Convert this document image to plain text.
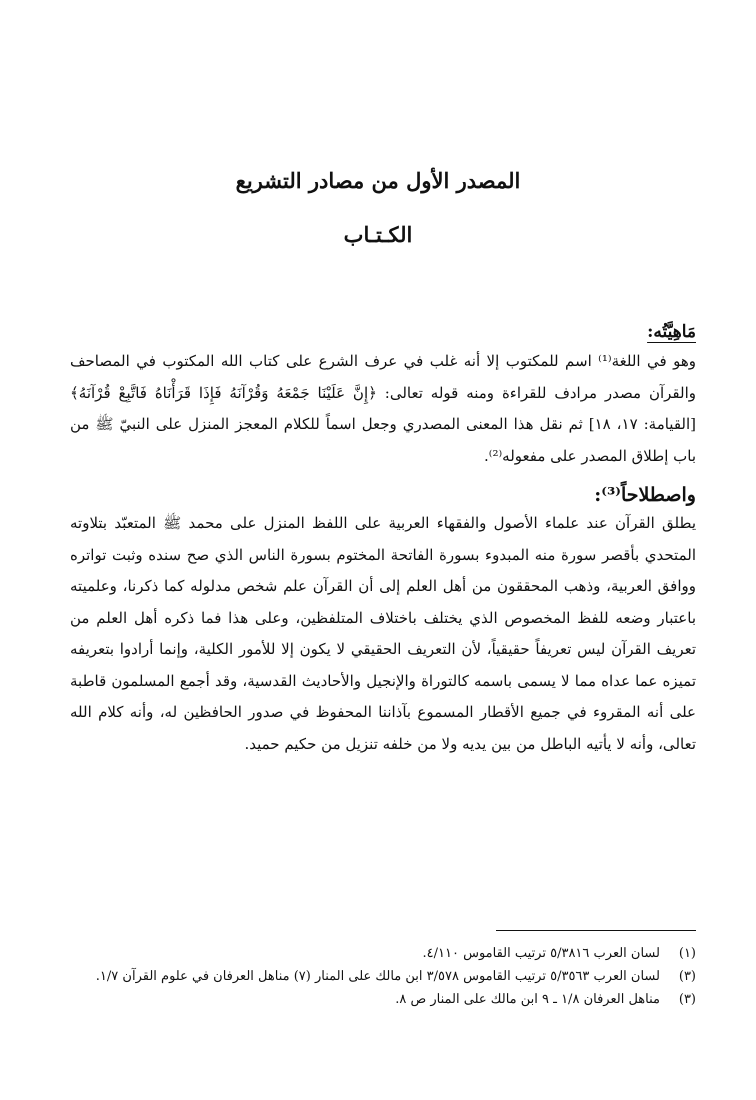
المصدر الأول من مصادر التشريع
الكـتـاب
مَاهِيَّتُه:

وهو في اللغة⁽¹⁾ اسم للمكتوب إلا أنه غلب في عرف الشرع على كتاب الله المكتوب في المصاحف والقرآن مصدر مرادف للقراءة ومنه قوله تعالى: ﴿إِنَّ عَلَيْنَا جَمْعَهُ وَقُرْآنَهُ فَإِذَا قَرَأْنَاهُ فَاتَّبِعْ قُرْآنَهُ﴾[القيامة: ١٧، ١٨] ثم نقل هذا المعنى المصدري وجعل اسماً للكلام المعجز المنزل على النبيّ ﷺ من باب إطلاق المصدر على مفعوله⁽²⁾.

واصطلاحاً⁽³⁾:

يطلق القرآن عند علماء الأصول والفقهاء العربية على اللفظ المنزل على محمد ﷺ المتعبّد بتلاوته المتحدي بأقصر سورة منه المبدوء بسورة الفاتحة المختوم بسورة الناس الذي صح سنده وثبت تواتره ووافق العربية، وذهب المحققون من أهل العلم إلى أن القرآن علم شخص مدلوله كما ذكرنا، وعلميته باعتبار وضعه للفظ المخصوص الذي يختلف باختلاف المتلفظين، وعلى هذا فما ذكره أهل العلم من تعريف القرآن ليس تعريفاً حقيقياً، لأن التعريف الحقيقي لا يكون إلا للأمور الكلية، وإنما أرادوا بتعريفه تميزه عما عداه مما لا يسمى باسمه كالتوراة والإنجيل والأحاديث القدسية، وقد أجمع المسلمون قاطبة على أنه المقروء في جميع الأقطار المسموع بآذاننا المحفوظ في صدور الحافظين له، وأنه كلام الله تعالى، وأنه لا يأتيه الباطل من بين يديه ولا من خلفه تنزيل من حكيم حميد.

(١)
لسان العرب ٥/٣٨١٦ ترتيب القاموس ٤/١١٠.
(٣)
لسان العرب ٥/٣٥٦٣ ترتيب القاموس ٣/٥٧٨ ابن مالك على المنار (٧) مناهل العرفان في علوم القرآن ١/٧.
(٣)
مناهل العرفان ١/٨ ـ ٩ ابن مالك على المنار ص ٨.
